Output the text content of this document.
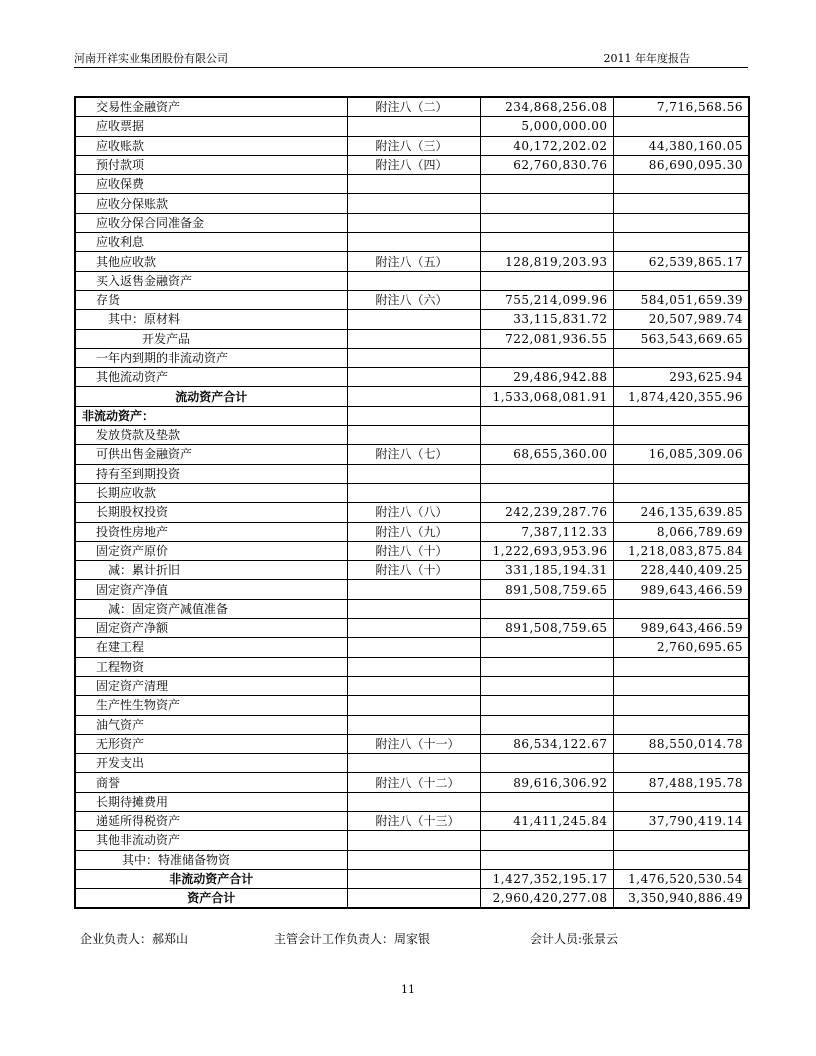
河南开祥实业集团股份有限公司	2011 年年度报告
交易性金融资产	附注八（二）	234,868,256.08	7,716,568.56
应收票据		5,000,000.00	
应收账款	附注八（三）	40,172,202.02	44,380,160.05
预付款项	附注八（四）	62,760,830.76	86,690,095.30
应收保费			
应收分保账款			
应收分保合同准备金			
应收利息			
其他应收款	附注八（五）	128,819,203.93	62,539,865.17
买入返售金融资产			
存货	附注八（六）	755,214,099.96	584,051,659.39
其中：原材料		33,115,831.72	20,507,989.74
开发产品		722,081,936.55	563,543,669.65
一年内到期的非流动资产			
其他流动资产		29,486,942.88	293,625.94
流动资产合计		1,533,068,081.91	1,874,420,355.96
非流动资产：			
发放贷款及垫款			
可供出售金融资产	附注八（七）	68,655,360.00	16,085,309.06
持有至到期投资			
长期应收款			
长期股权投资	附注八（八）	242,239,287.76	246,135,639.85
投资性房地产	附注八（九）	7,387,112.33	8,066,789.69
固定资产原价	附注八（十）	1,222,693,953.96	1,218,083,875.84
减：累计折旧	附注八（十）	331,185,194.31	228,440,409.25
固定资产净值		891,508,759.65	989,643,466.59
减：固定资产减值准备			
固定资产净额		891,508,759.65	989,643,466.59
在建工程			2,760,695.65
工程物资			
固定资产清理			
生产性生物资产			
油气资产			
无形资产	附注八（十一）	86,534,122.67	88,550,014.78
开发支出			
商誉	附注八（十二）	89,616,306.92	87,488,195.78
长期待摊费用			
递延所得税资产	附注八（十三）	41,411,245.84	37,790,419.14
其他非流动资产			
其中：特准储备物资			
非流动资产合计		1,427,352,195.17	1,476,520,530.54
资产合计		2,960,420,277.08	3,350,940,886.49
企业负责人：郝郑山	主管会计工作负责人：周家银	会计人员:张景云
11
